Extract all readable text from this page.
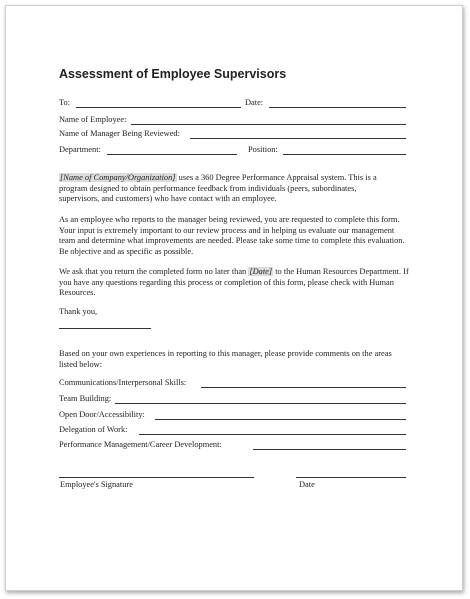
Assessment of Employee Supervisors
To:	Date:
Name of Employee:
Name of Manager Being Reviewed:
Department:	Position:

[Name of Company/Organization] uses a 360 Degree Performance Appraisal system. This is a

program designed to obtain performance feedback from individuals (peers, subordinates,

supervisors, and customers) who have contact with an employee.

As an employee who reports to the manager being reviewed, you are requested to complete this form. Your input is extremely important to our review process and in helping us evaluate our management team and determine what improvements are needed. Please take some time to complete this evaluation. Be objective and as specific as possible.
We ask that you return the completed form no later than [Date] to the Human Resources Department. If you have any questions regarding this process or completion of this form, please check with Human Resources.
Thank you,
Based on your own experiences in reporting to this manager, please provide comments on the areas listed below:
Communications/Interpersonal Skills:
Team Building:
Open Door/Accessibility:
Delegation of Work:
Performance Management/Career Development:
Employee's Signature	Date
